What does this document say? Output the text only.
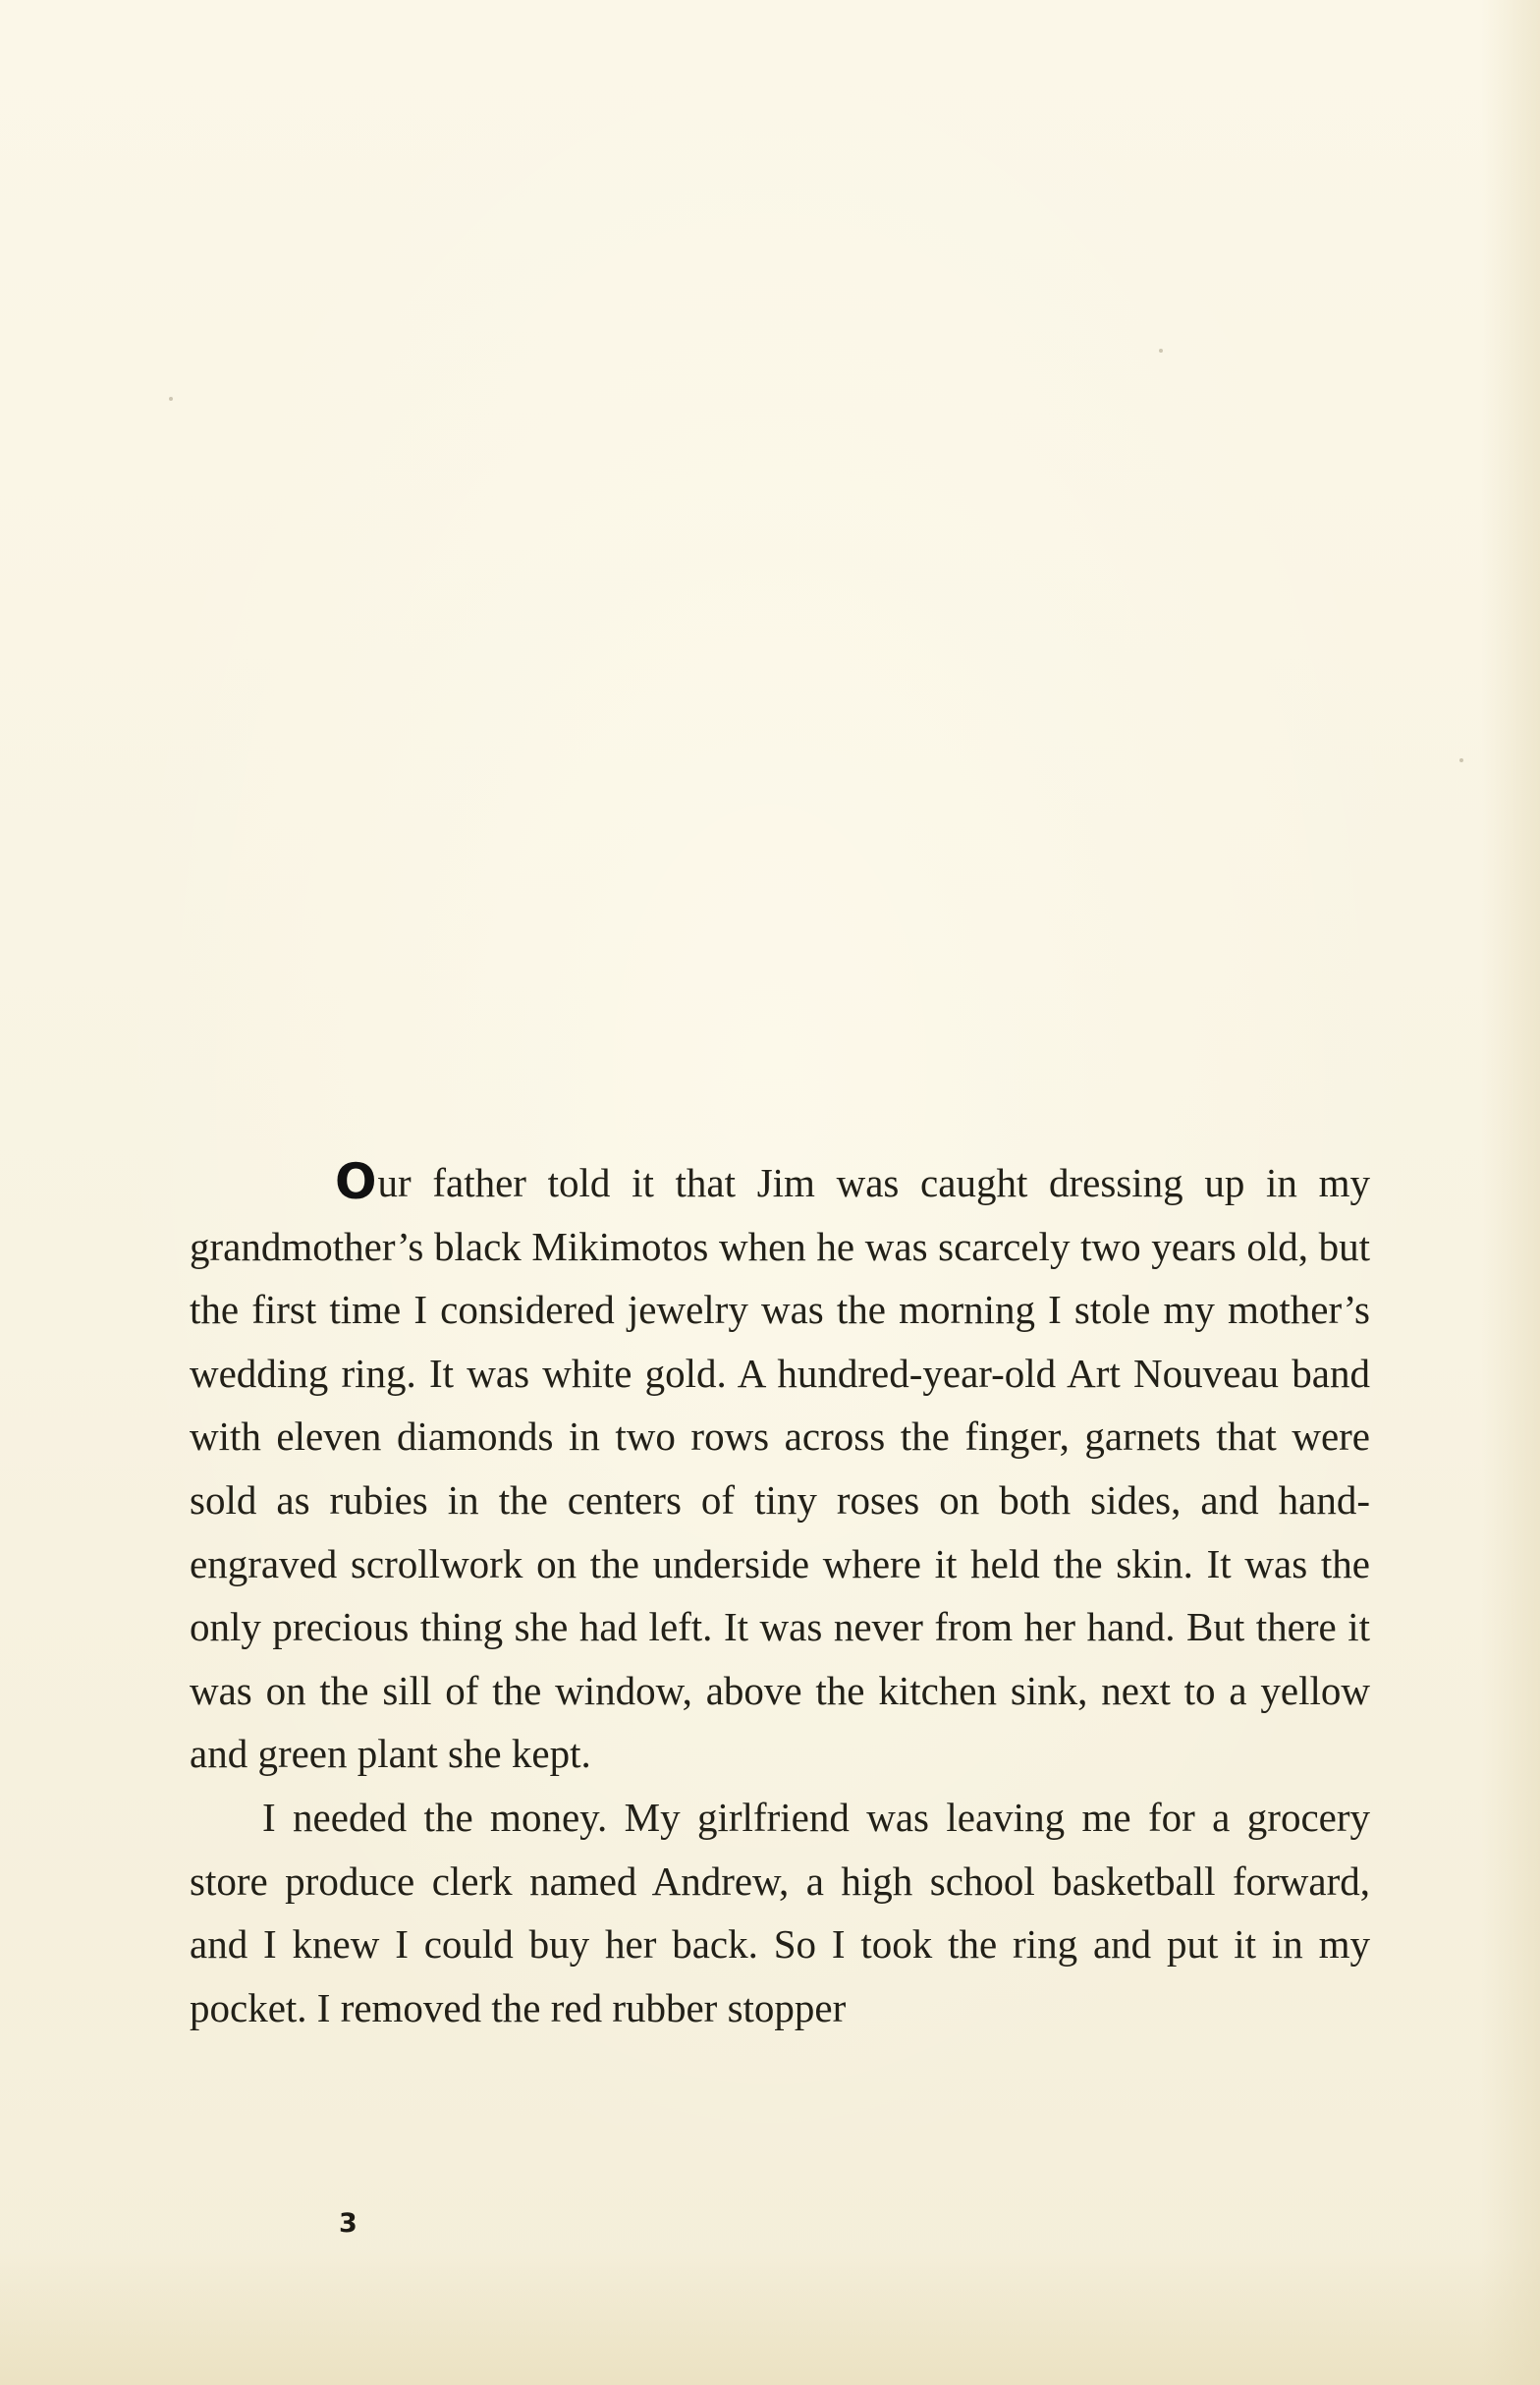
Our father told it that Jim was caught dressing up in my grandmother’s black Mikimotos when he was scarcely two years old, but the first time I considered jewelry was the morning I stole my mother’s wedding ring. It was white gold. A hundred-year-old Art Nouveau band with eleven diamonds in two rows across the finger, garnets that were sold as rubies in the centers of tiny roses on both sides, and hand-engraved scrollwork on the underside where it held the skin. It was the only precious thing she had left. It was never from her hand. But there it was on the sill of the window, above the kitchen sink, next to a yellow and green plant she kept.

I needed the money. My girlfriend was leaving me for a grocery store produce clerk named Andrew, a high school basketball forward, and I knew I could buy her back. So I took the ring and put it in my pocket. I removed the red rubber stopper

3
